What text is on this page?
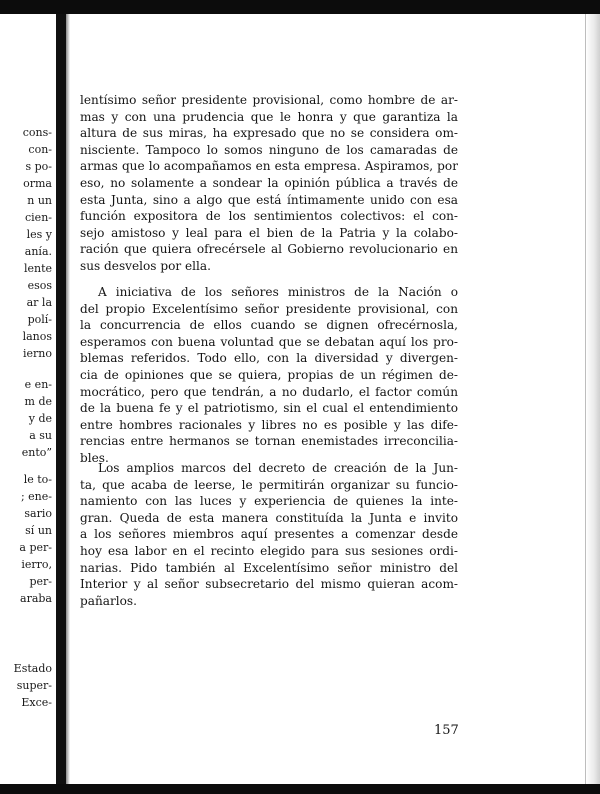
cons-
con-
s po-
orma
n un
cien-
les y
anía.
lente
esos
ar la
polí-
lanos
ierno
e en-
m de
y de
a su
ento”
le to-
; ene-
sario
sí un
a per-
ierro,
per-
araba
Estado
super-
Exce-
lentísimo señor presidente provisional, como hombre de ar-
mas y con una prudencia que le honra y que garantiza la
altura de sus miras, ha expresado que no se considera om-
nisciente. Tampoco lo somos ninguno de los camaradas de
armas que lo acompañamos en esta empresa. Aspiramos, por
eso, no solamente a sondear la opinión pública a través de
esta Junta, sino a algo que está íntimamente unido con esa
función expositora de los sentimientos colectivos: el con-
sejo amistoso y leal para el bien de la Patria y la colabo-
ración que quiera ofrecérsele al Gobierno revolucionario en
sus desvelos por ella.
A iniciativa de los señores ministros de la Nación o
del propio Excelentísimo señor presidente provisional, con
la concurrencia de ellos cuando se dignen ofrecérnosla,
esperamos con buena voluntad que se debatan aquí los pro-
blemas referidos. Todo ello, con la diversidad y divergen-
cia de opiniones que se quiera, propias de un régimen de-
mocrático, pero que tendrán, a no dudarlo, el factor común
de la buena fe y el patriotismo, sin el cual el entendimiento
entre hombres racionales y libres no es posible y las dife-
rencias entre hermanos se tornan enemistades irreconcilia-
bles.
Los amplios marcos del decreto de creación de la Jun-
ta, que acaba de leerse, le permitirán organizar su funcio-
namiento con las luces y experiencia de quienes la inte-
gran. Queda de esta manera constituída la Junta e invito
a los señores miembros aquí presentes a comenzar desde
hoy esa labor en el recinto elegido para sus sesiones ordi-
narias. Pido también al Excelentísimo señor ministro del
Interior y al señor subsecretario del mismo quieran acom-
pañarlos.
157
